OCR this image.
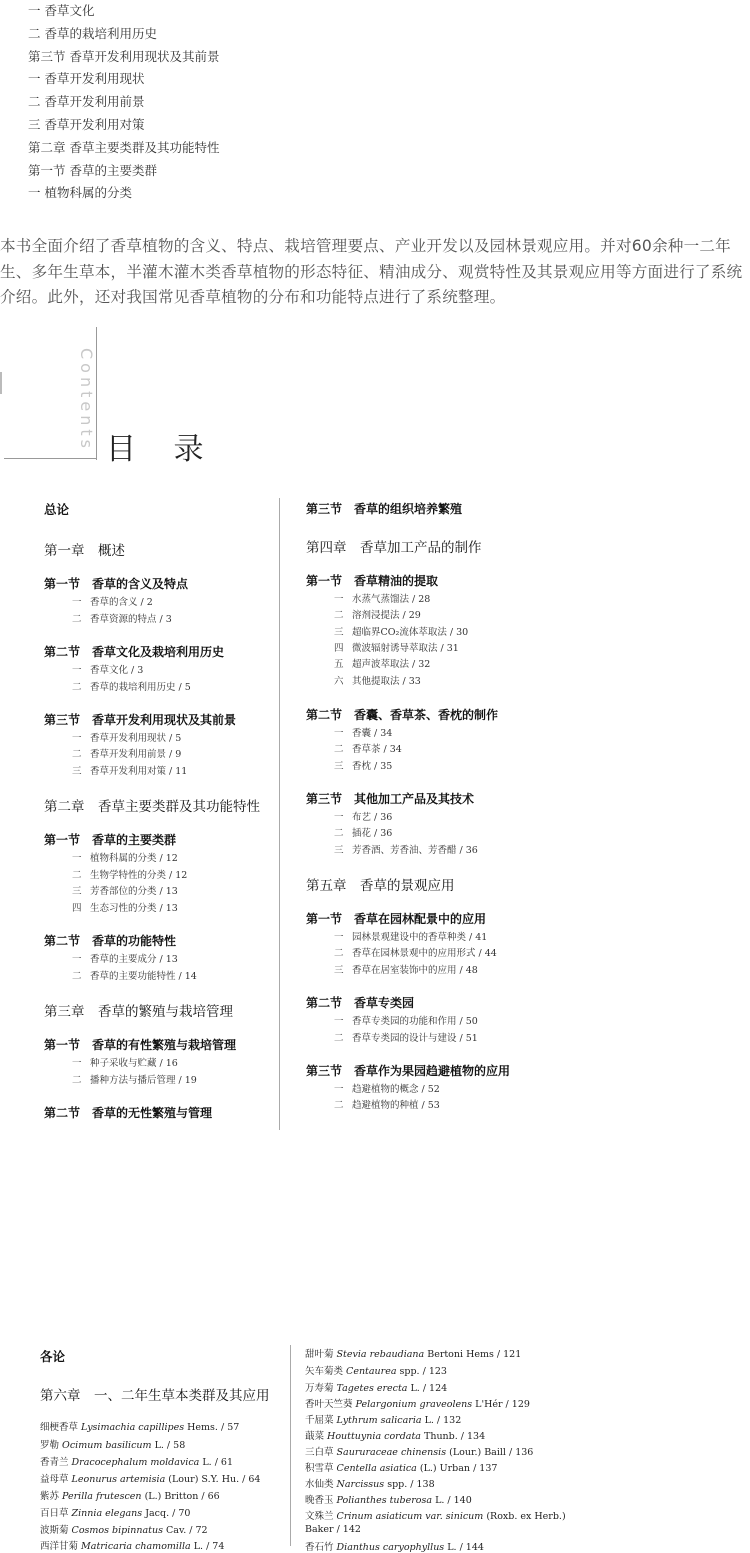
一 香草文化
二 香草的栽培利用历史
第三节 香草开发利用现状及其前景
一 香草开发利用现状
二 香草开发利用前景
三 香草开发利用对策
第二章 香草主要类群及其功能特性
第一节 香草的主要类群
一 植物科属的分类

本书全面介绍了香草植物的含义、特点、栽培管理要点、产业开发以及园林景观应用。并对60余种一二年生、多年生草本，半灌木灌木类香草植物的形态特征、精油成分、观赏特性及其景观应用等方面进行了系统介绍。此外，还对我国常见香草植物的分布和功能特点进行了系统整理。

Contents 目 录
总论
第一章　概述
第一节　香草的含义及特点
一 香草的含义 / 2
二 香草资源的特点 / 3
第二节　香草文化及栽培利用历史
一 香草文化 / 3
二 香草的栽培利用历史 / 5
第三节　香草开发利用现状及其前景
一 香草开发利用现状 / 5
二 香草开发利用前景 / 9
三 香草开发利用对策 / 11
第二章　香草主要类群及其功能特性
第一节　香草的主要类群
一 植物科属的分类 / 12
二 生物学特性的分类 / 12
三 芳香部位的分类 / 13
四 生态习性的分类 / 13
第二节　香草的功能特性
一 香草的主要成分 / 13
二 香草的主要功能特性 / 14
第三章　香草的繁殖与栽培管理
第一节　香草的有性繁殖与栽培管理
一 种子采收与贮藏 / 16
二 播种方法与播后管理 / 19
第二节　香草的无性繁殖与管理
第三节　香草的组织培养繁殖
第四章　香草加工产品的制作
第一节　香草精油的提取
一 水蒸气蒸馏法 / 28
二 溶剂浸提法 / 29
三 超临界CO₂流体萃取法 / 30
四 微波辐射诱导萃取法 / 31
五 超声波萃取法 / 32
六 其他提取法 / 33
第二节　香囊、香草茶、香枕的制作
一 香囊 / 34
二 香草茶 / 34
三 香枕 / 35
第三节　其他加工产品及其技术
一 布艺 / 36
二 插花 / 36
三 芳香酒、芳香油、芳香醋 / 36
第五章　香草的景观应用
第一节　香草在园林配景中的应用
一 园林景观建设中的香草种类 / 41
二 香草在园林景观中的应用形式 / 44
三 香草在居室装饰中的应用 / 48
第二节　香草专类园
一 香草专类园的功能和作用 / 50
二 香草专类园的设计与建设 / 51
第三节　香草作为果园趋避植物的应用
一 趋避植物的概念 / 52
二 趋避植物的种植 / 53
各论
第六章　一、二年生草本类群及其应用
细梗香草 Lysimachia capillipes Hems. / 57
罗勒 Ocimum basilicum L. / 58
香青兰 Dracocephalum moldavica L. / 61
益母草 Leonurus artemisia (Lour) S.Y. Hu. / 64
紫苏 Perilla frutescen (L.) Britton / 66
百日草 Zinnia elegans Jacq. / 70
波斯菊 Cosmos bipinnatus Cav. / 72
西洋甘菊 Matricaria chamomilla L. / 74
甜叶菊 Stevia rebaudiana Bertoni Hems / 121
矢车菊类 Centaurea spp. / 123
万寿菊 Tagetes erecta L. / 124
香叶天竺葵 Pelargonium graveolens L'Hér / 129
千屈菜 Lythrum salicaria L. / 132
蕺菜 Houttuynia cordata Thunb. / 134
三白草 Saururaceae chinensis (Lour.) Baill / 136
积雪草 Centella asiatica (L.) Urban / 137
水仙类 Narcissus spp. / 138
晚香玉 Polianthes tuberosa L. / 140
文殊兰 Crinum asiaticum var. sinicum (Roxb. ex Herb.)
Baker / 142
香石竹 Dianthus caryophyllus L. / 144
